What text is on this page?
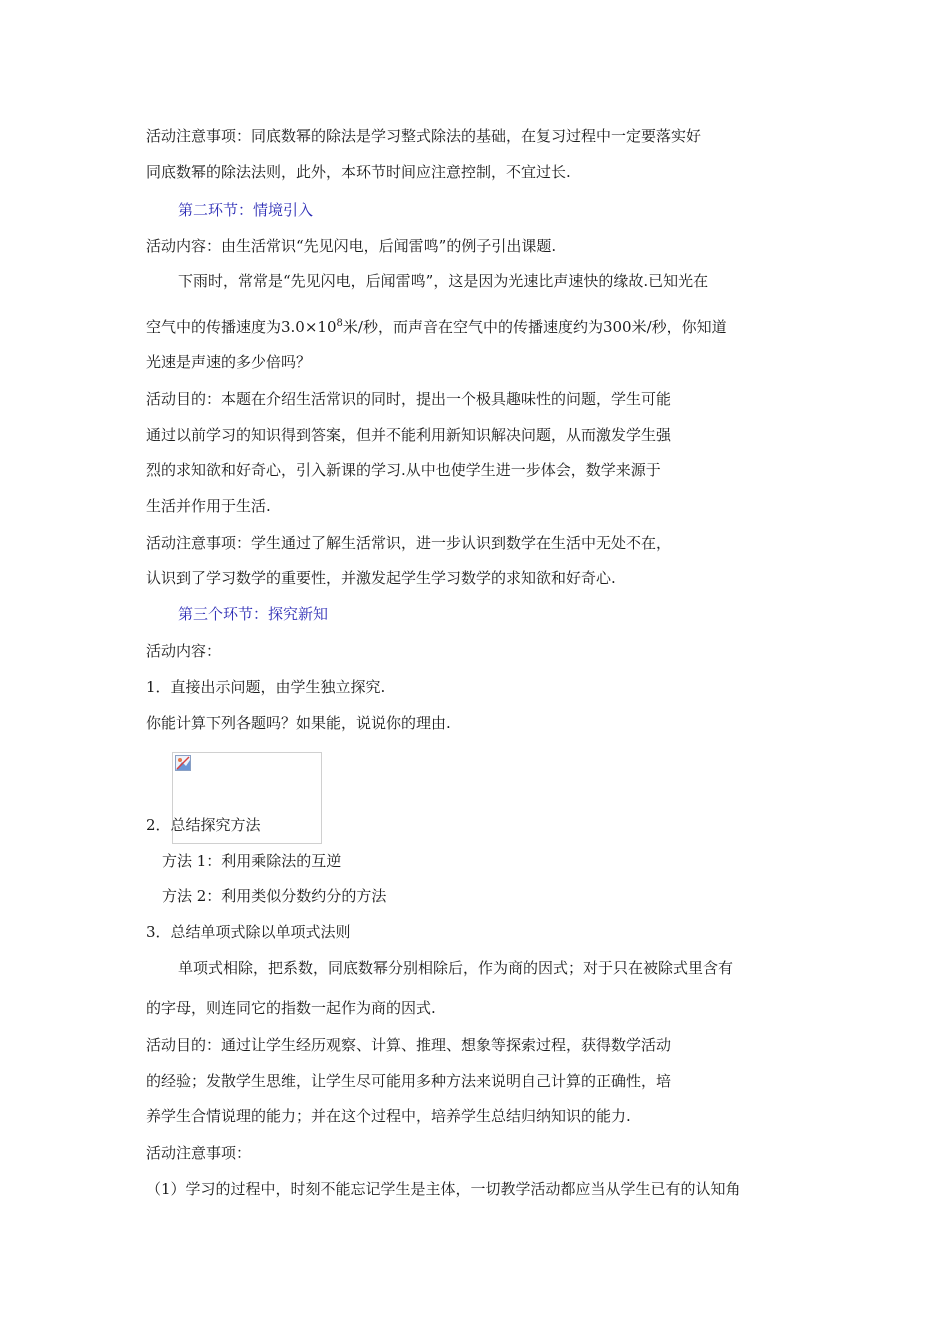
活动注意事项：同底数幂的除法是学习整式除法的基础，在复习过程中一定要落实好
同底数幂的除法法则，此外，本环节时间应注意控制，不宜过长.
第二环节：情境引入
活动内容：由生活常识“先见闪电，后闻雷鸣”的例子引出课题.
下雨时，常常是“先见闪电，后闻雷鸣”，这是因为光速比声速快的缘故.已知光在
空气中的传播速度为$3.0\times 10^8$米/秒，而声音在空气中的传播速度约为300米/秒，你知道
光速是声速的多少倍吗？
活动目的：本题在介绍生活常识的同时，提出一个极具趣味性的问题，学生可能
通过以前学习的知识得到答案，但并不能利用新知识解决问题，从而激发学生强
烈的求知欲和好奇心，引入新课的学习.从中也使学生进一步体会，数学来源于
生活并作用于生活.
活动注意事项：学生通过了解生活常识，进一步认识到数学在生活中无处不在，
认识到了学习数学的重要性，并激发起学生学习数学的求知欲和好奇心.
第三个环节：探究新知
活动内容：
1．直接出示问题，由学生独立探究.
你能计算下列各题吗？如果能，说说你的理由.
2．总结探究方法
方法 1：利用乘除法的互逆
方法 2：利用类似分数约分的方法
3．总结单项式除以单项式法则
单项式相除，把系数，同底数幂分别相除后，作为商的因式；对于只在被除式里含有
的字母，则连同它的指数一起作为商的因式.
活动目的：通过让学生经历观察、计算、推理、想象等探索过程，获得数学活动
的经验；发散学生思维，让学生尽可能用多种方法来说明自己计算的正确性，培
养学生合情说理的能力；并在这个过程中，培养学生总结归纳知识的能力.
活动注意事项：
（1）学习的过程中，时刻不能忘记学生是主体，一切教学活动都应当从学生已有的认知角
